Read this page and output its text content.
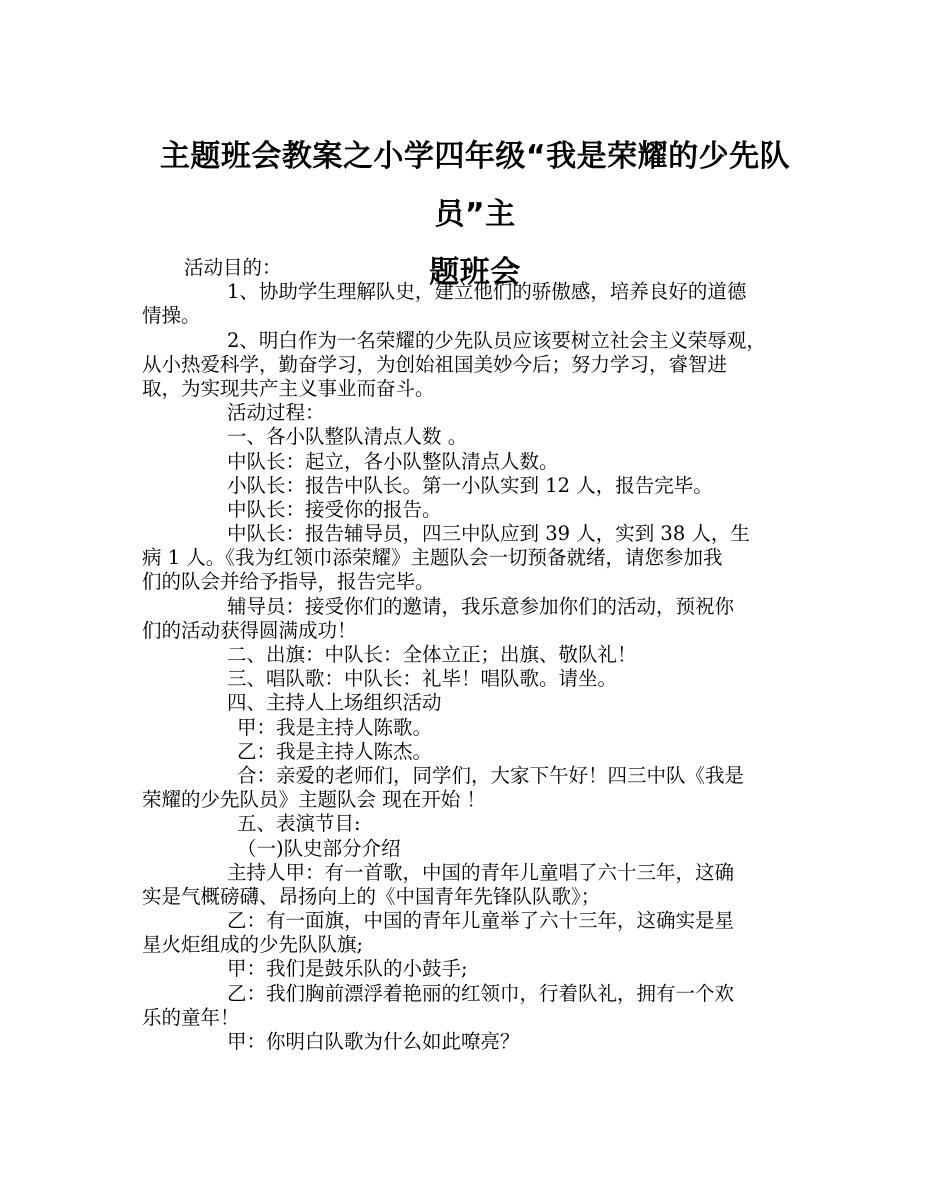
主题班会教案之小学四年级“我是荣耀的少先队员”主
题班会
活动目的：
1、协助学生理解队史，建立他们的骄傲感，培养良好的道德
情操。
2、明白作为一名荣耀的少先队员应该要树立社会主义荣辱观，
从小热爱科学，勤奋学习，为创始祖国美妙今后；努力学习，睿智进
取，为实现共产主义事业而奋斗。
活动过程：
一、各小队整队清点人数 。
中队长：起立，各小队整队清点人数。
小队长：报告中队长。第一小队实到 12 人，报告完毕。
中队长：接受你的报告。
中队长：报告辅导员，四三中队应到 39 人，实到 38 人，生
病 1 人。《我为红领巾添荣耀》主题队会一切预备就绪，请您参加我
们的队会并给予指导，报告完毕。
辅导员：接受你们的邀请，我乐意参加你们的活动，预祝你
们的活动获得圆满成功！
二、出旗：中队长：全体立正；出旗、敬队礼！
三、唱队歌：中队长：礼毕！唱队歌。请坐。
四、主持人上场组织活动
甲：我是主持人陈歌。
乙：我是主持人陈杰。
合：亲爱的老师们，同学们，大家下午好！四三中队《我是
荣耀的少先队员》主题队会 现在开始 ！
五、表演节目:
（一)队史部分介绍
主持人甲：有一首歌，中国的青年儿童唱了六十三年，这确
实是气概磅礴、昂扬向上的《中国青年先锋队队歌》；
乙：有一面旗，中国的青年儿童举了六十三年，这确实是星
星火炬组成的少先队队旗;
甲：我们是鼓乐队的小鼓手;
乙：我们胸前漂浮着艳丽的红领巾，行着队礼，拥有一个欢
乐的童年！
甲：你明白队歌为什么如此嘹亮？
